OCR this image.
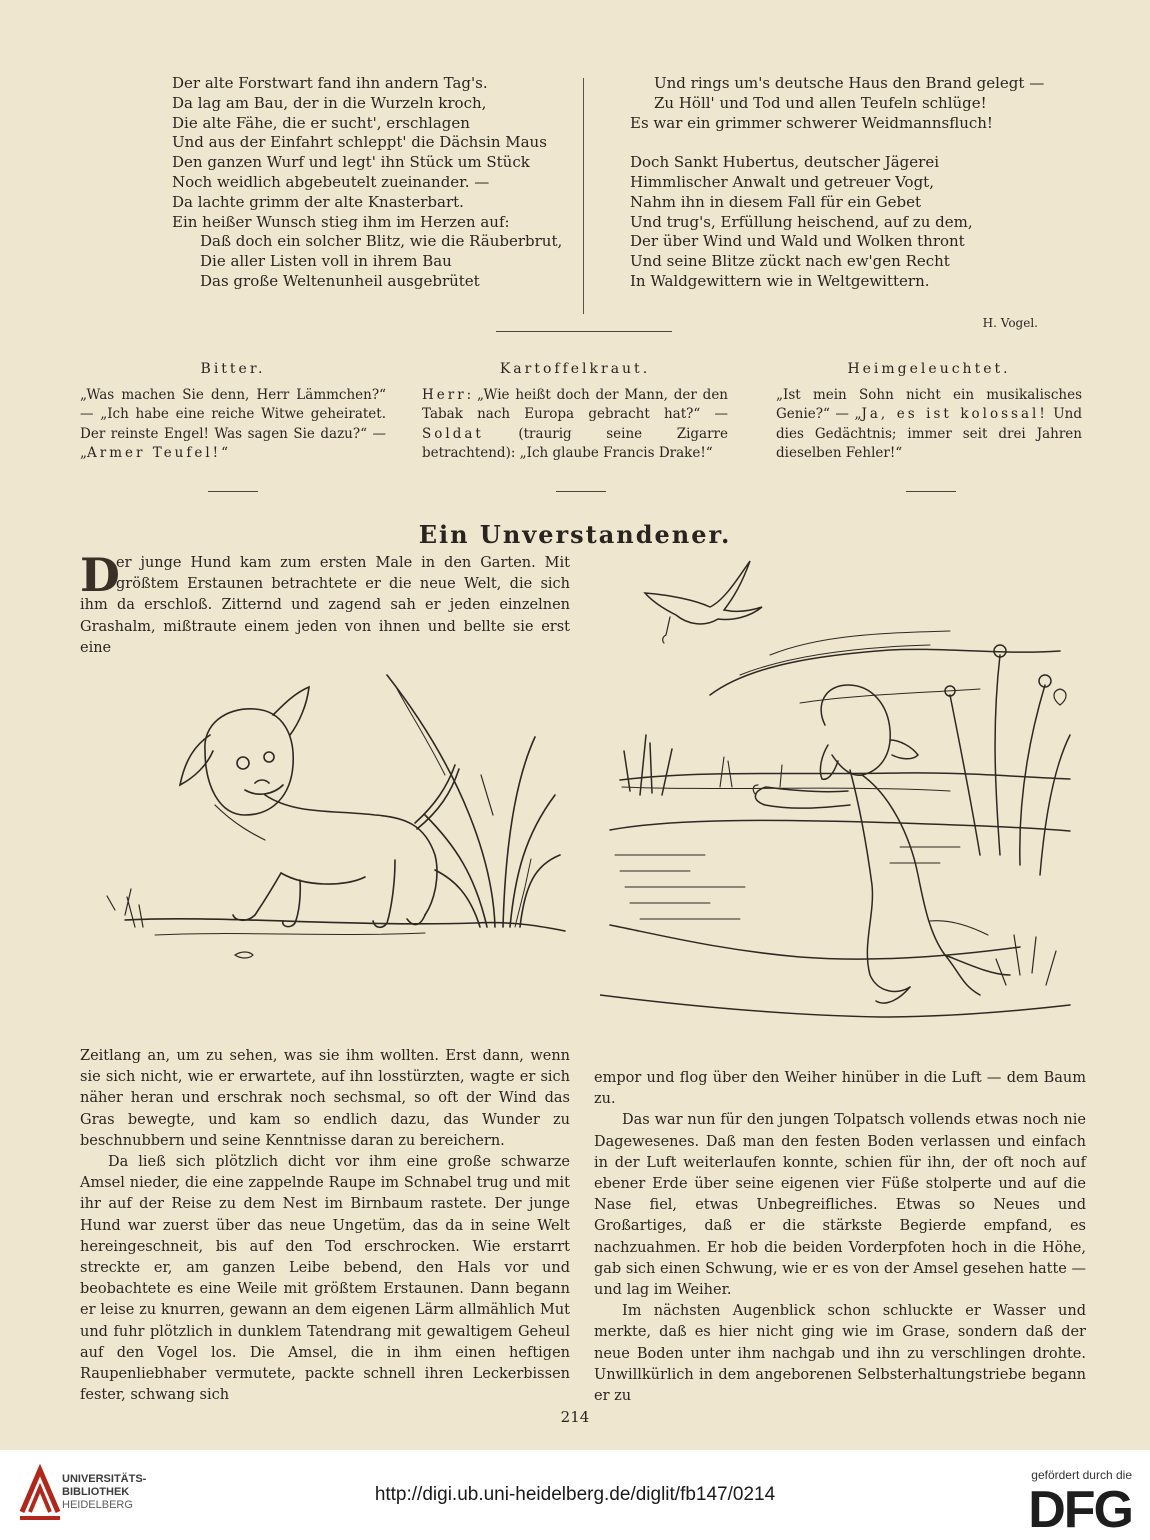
Der alte Forstwart fand ihn andern Tag's.
Da lag am Bau, der in die Wurzeln kroch,
Die alte Fähe, die er sucht', erschlagen
Und aus der Einfahrt schleppt' die Dächsin Maus
Den ganzen Wurf und legt' ihn Stück um Stück
Noch weidlich abgebeutelt zueinander. —
Da lachte grimm der alte Knasterbart.
Ein heißer Wunsch stieg ihm im Herzen auf:
Daß doch ein solcher Blitz, wie die Räuberbrut,
Die aller Listen voll in ihrem Bau
Das große Weltenunheil ausgebrütet
Und rings um's deutsche Haus den Brand gelegt —
Zu Höll' und Tod und allen Teufeln schlüge!
Es war ein grimmer schwerer Weidmannsfluch!
Doch Sankt Hubertus, deutscher Jägerei
Himmlischer Anwalt und getreuer Vogt,
Nahm ihn in diesem Fall für ein Gebet
Und trug's, Erfüllung heischend, auf zu dem,
Der über Wind und Wald und Wolken thront
Und seine Blitze zückt nach ew'gen Recht
In Waldgewittern wie in Weltgewittern.
H. Vogel.
Bitter.

„Was machen Sie denn, Herr Lämmchen?“ — „Ich habe eine reiche Witwe geheiratet. Der reinste Engel! Was sagen Sie dazu?“ — „Armer Teufel!“

Kartoffelkraut.

Herr: „Wie heißt doch der Mann, der den Tabak nach Europa gebracht hat?“ — Soldat (traurig seine Zigarre betrachtend): „Ich glaube Francis Drake!“

Heimgeleuchtet.

„Ist mein Sohn nicht ein musikalisches Genie?“ — „Ja, es ist kolossal! Und dies Gedächtnis; immer seit drei Jahren dieselben Fehler!“

Ein Unverstandener.
D
er junge Hund kam zum ersten Male in den Garten. Mit größtem Erstaunen betrachtete er die neue Welt, die sich ihm da erschloß. Zitternd und zagend sah er jeden einzelnen Grashalm, mißtraute einem jeden von ihnen und bellte sie erst eine

Zeitlang an, um zu sehen, was sie ihm wollten. Erst dann, wenn sie sich nicht, wie er erwartete, auf ihn losstürzten, wagte er sich näher heran und erschrak noch sechsmal, so oft der Wind das Gras bewegte, und kam so endlich dazu, das Wunder zu beschnubbern und seine Kenntnisse daran zu bereichern.

Da ließ sich plötzlich dicht vor ihm eine große schwarze Amsel nieder, die eine zappelnde Raupe im Schnabel trug und mit ihr auf der Reise zu dem Nest im Birnbaum rastete. Der junge Hund war zuerst über das neue Ungetüm, das da in seine Welt hereingeschneit, bis auf den Tod erschrocken. Wie erstarrt streckte er, am ganzen Leibe bebend, den Hals vor und beobachtete es eine Weile mit größtem Erstaunen. Dann begann er leise zu knurren, gewann an dem eigenen Lärm allmählich Mut und fuhr plötzlich in dunklem Tatendrang mit gewaltigem Geheul auf den Vogel los. Die Amsel, die in ihm einen heftigen Raupenliebhaber vermutete, packte schnell ihren Leckerbissen fester, schwang sich

empor und flog über den Weiher hinüber in die Luft — dem Baum zu.

Das war nun für den jungen Tolpatsch vollends etwas noch nie Dagewesenes. Daß man den festen Boden verlassen und einfach in der Luft weiterlaufen konnte, schien für ihn, der oft noch auf ebener Erde über seine eigenen vier Füße stolperte und auf die Nase fiel, etwas Unbegreifliches. Etwas so Neues und Großartiges, daß er die stärkste Begierde empfand, es nachzuahmen. Er hob die beiden Vorderpfoten hoch in die Höhe, gab sich einen Schwung, wie er es von der Amsel gesehen hatte — und lag im Weiher.

Im nächsten Augenblick schon schluckte er Wasser und merkte, daß es hier nicht ging wie im Grase, sondern daß der neue Boden unter ihm nachgab und ihn zu verschlingen drohte. Unwillkürlich in dem angeborenen Selbsterhaltungstriebe begann er zu

214
UNIVERSITÄTS-
BIBLIOTHEK
HEIDELBERG	http://digi.ub.uni-heidelberg.de/diglit/fb147/0214
gefördert durch die
DFG
